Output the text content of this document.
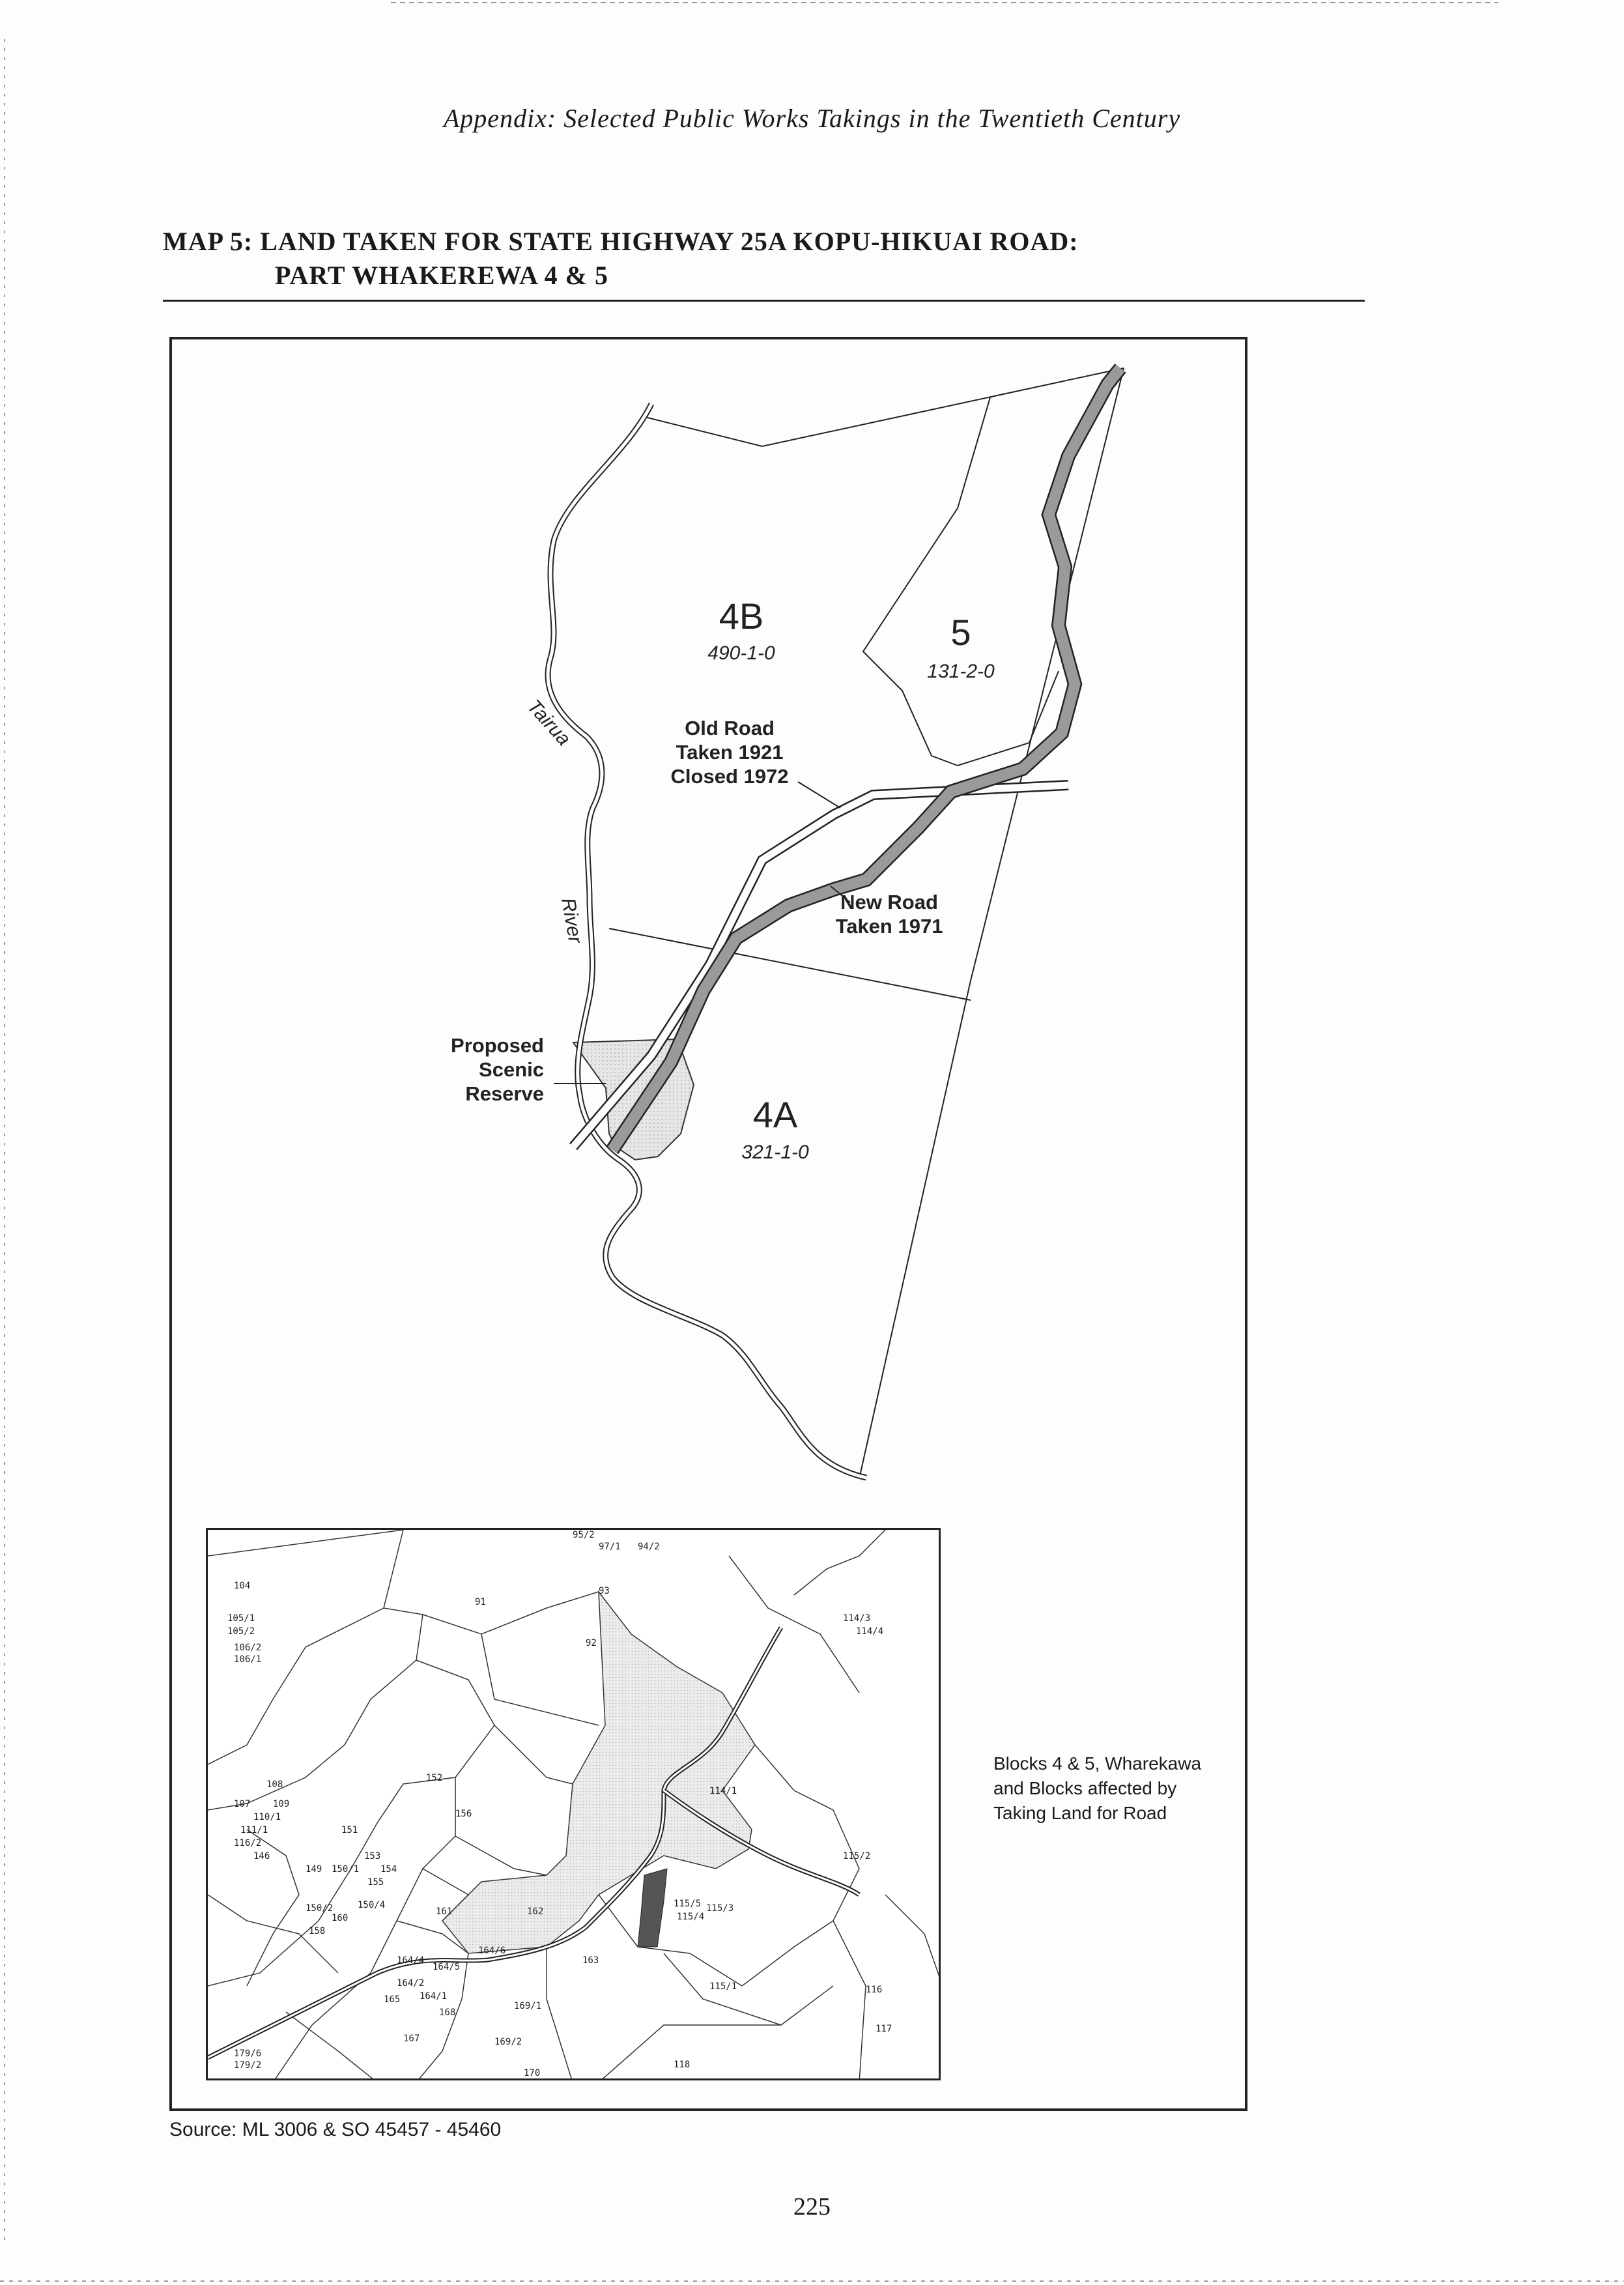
Appendix: Selected Public Works Takings in the Twentieth Century
MAP 5: LAND TAKEN FOR STATE HIGHWAY 25A KOPU-HIKUAI ROAD:
PART WHAKEREWA 4 & 5
4B
490-1-0
5
131-2-0
4A
321-1-0
Tairua
River
Old Road
Taken 1921
Closed 1972
New Road
Taken 1971
Proposed
Scenic
Reserve
104
105/1
105/2
106/2
106/1
91
92
93
94/2
95/2
97/1
108
107 109
110/1
111/1
116/2
146
149 150/1
150/2	150/4
151
152
153
154
155
156
158
160
161	162
163
164/4
164/5
164/6
164/1
164/2
165
167
168
169/1
169/2
170
179/6
179/2
114/1
114/3
114/4
115/2
115/3
115/5
115/4
115/1	116
117
118
Blocks 4 & 5, Wharekawa and Blocks affected by Taking Land for Road
Source: ML 3006 & SO 45457 - 45460
225
